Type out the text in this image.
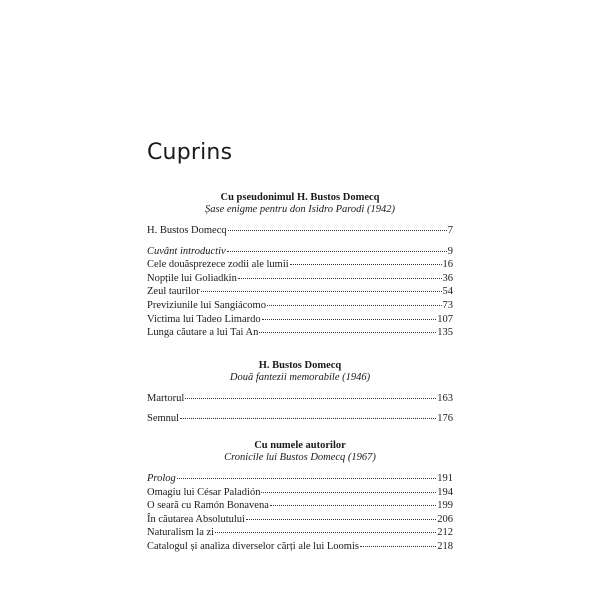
Cuprins
Cu pseudonimul H. Bustos Domecq
Șase enigme pentru don Isidro Parodi (1942)
H. Bustos Domecq	7
Cuvânt introductiv	9
Cele douăsprezece zodii ale lumii	16
Nopțile lui Goliadkin	36
Zeul taurilor	54
Previziunile lui Sangiácomo	73
Victima lui Tadeo Limardo	107
Lunga căutare a lui Tai An	135
H. Bustos Domecq
Două fantezii memorabile (1946)
Martorul	163
Semnul	176
Cu numele autorilor
Cronicile lui Bustos Domecq (1967)
Prolog	191
Omagiu lui César Paladión	194
O seară cu Ramón Bonavena	199
În căutarea Absolutului	206
Naturalism la zi	212
Catalogul și analiza diverselor cărți ale lui Loomis	218
